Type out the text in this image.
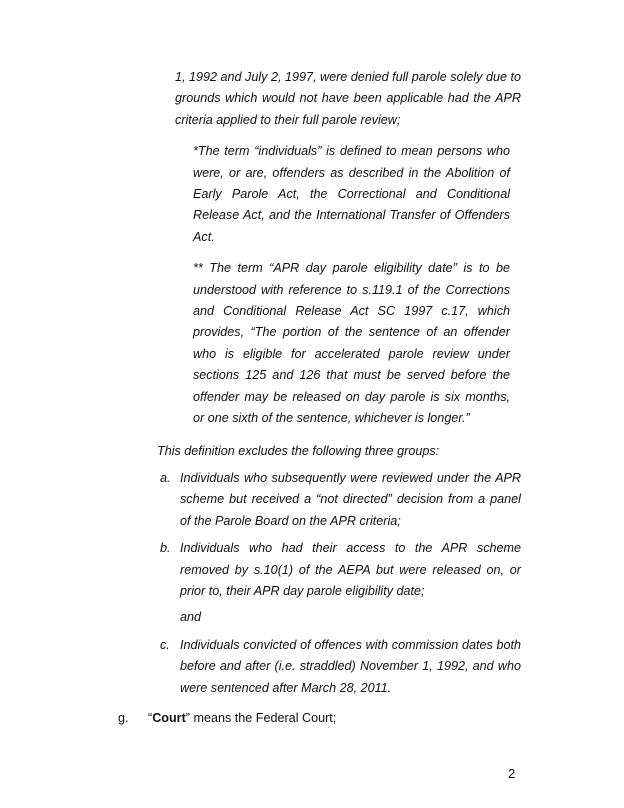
1, 1992 and July 2, 1997, were denied full parole solely due to grounds which would not have been applicable had the APR criteria applied to their full parole review;

*The term “individuals” is defined to mean persons who were, or are, offenders as described in the Abolition of Early Parole Act, the Correctional and Conditional Release Act, and the International Transfer of Offenders Act.

** The term “APR day parole eligibility date” is to be understood with reference to s.119.1 of the Corrections and Conditional Release Act SC 1997 c.17, which provides, “The portion of the sentence of an offender who is eligible for accelerated parole review under sections 125 and 126 that must be served before the offender may be released on day parole is six months, or one sixth of the sentence, whichever is longer.”

This definition excludes the following three groups:

a. Individuals who subsequently were reviewed under the APR scheme but received a “not directed” decision from a panel of the Parole Board on the APR criteria;
b. Individuals who had their access to the APR scheme removed by s.10(1) of the AEPA but were released on, or prior to, their APR day parole eligibility date;
and
c. Individuals convicted of offences with commission dates both before and after (i.e. straddled) November 1, 1992, and who were sentenced after March 28, 2011.
g. “Court” means the Federal Court;
2
